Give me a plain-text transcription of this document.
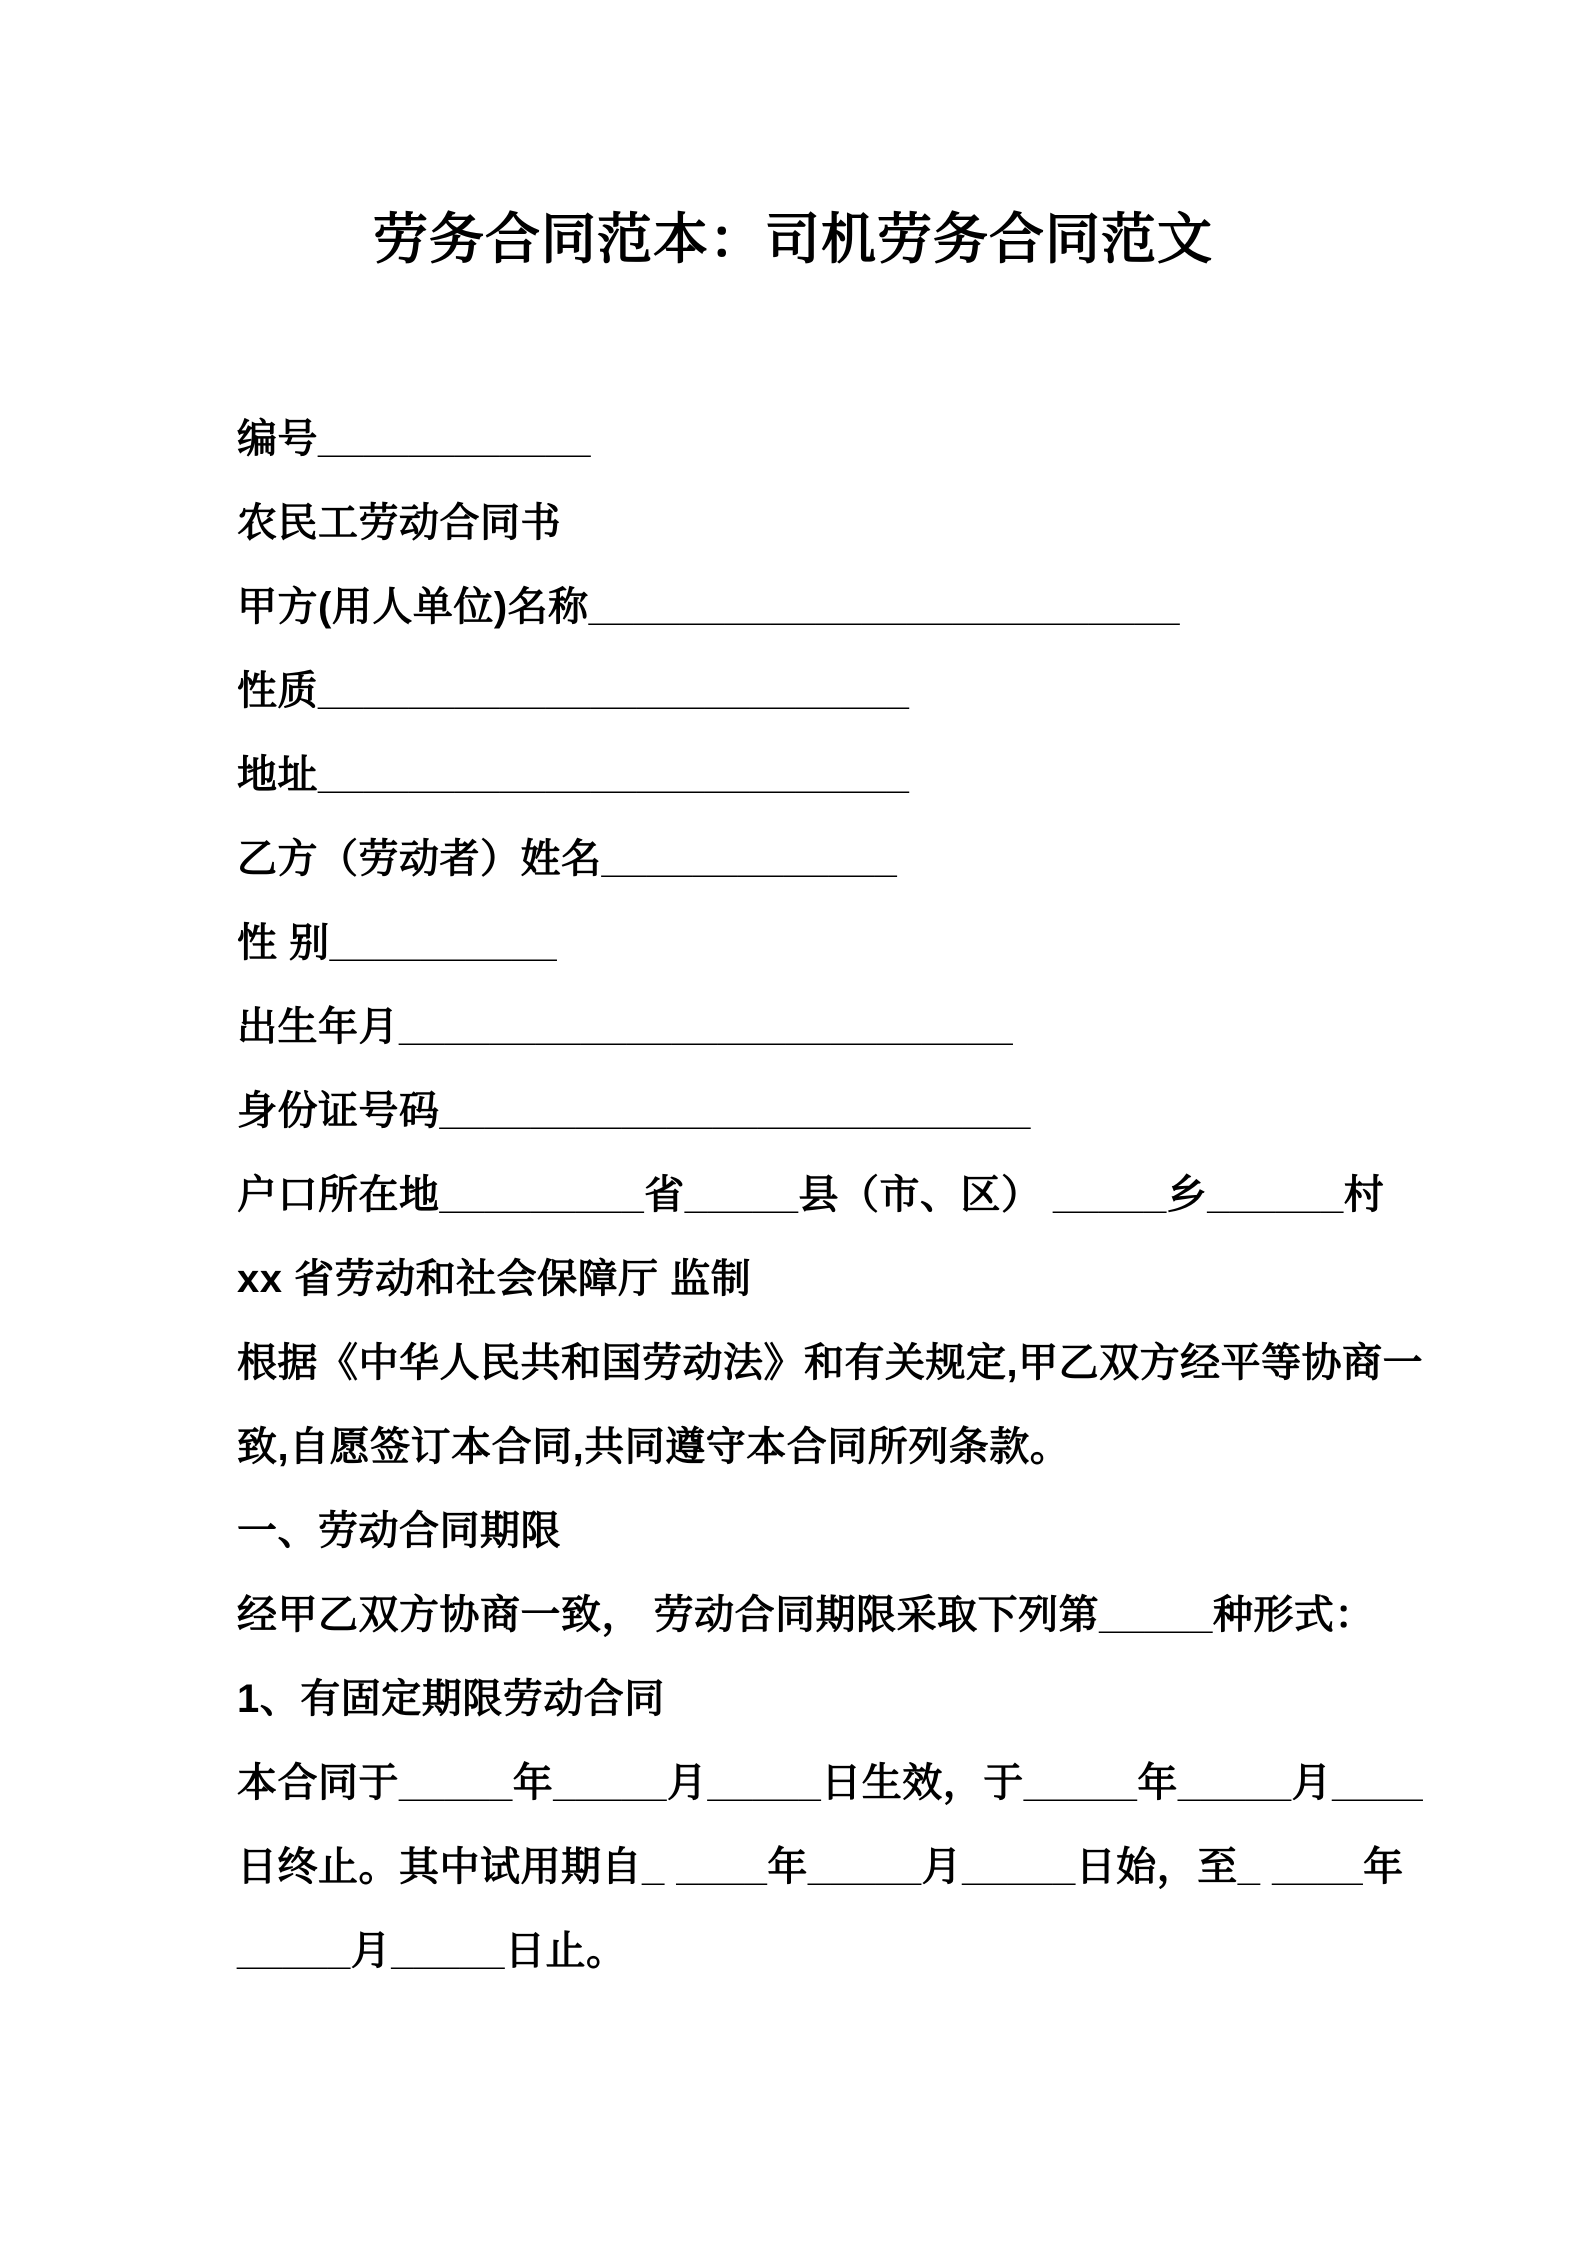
劳务合同范本：司机劳务合同范文
编号____________
农民工劳动合同书
甲方(用人单位)名称__________________________
性质__________________________
地址__________________________
乙方（劳动者）姓名_____________
性 别__________
出生年月___________________________
身份证号码__________________________
户口所在地_________省_____县（市、区） _____乡______村
xx 省劳动和社会保障厅 监制
根据《中华人民共和国劳动法》和有关规定,甲乙双方经平等协商一
致,自愿签订本合同,共同遵守本合同所列条款。
一、劳动合同期限
经甲乙双方协商一致， 劳动合同期限采取下列第_____种形式：
1、有固定期限劳动合同
本合同于_____年_____月_____日生效，于_____年_____月____
日终止。其中试用期自_ ____年_____月_____日始，至_ ____年
_____月_____日止。
